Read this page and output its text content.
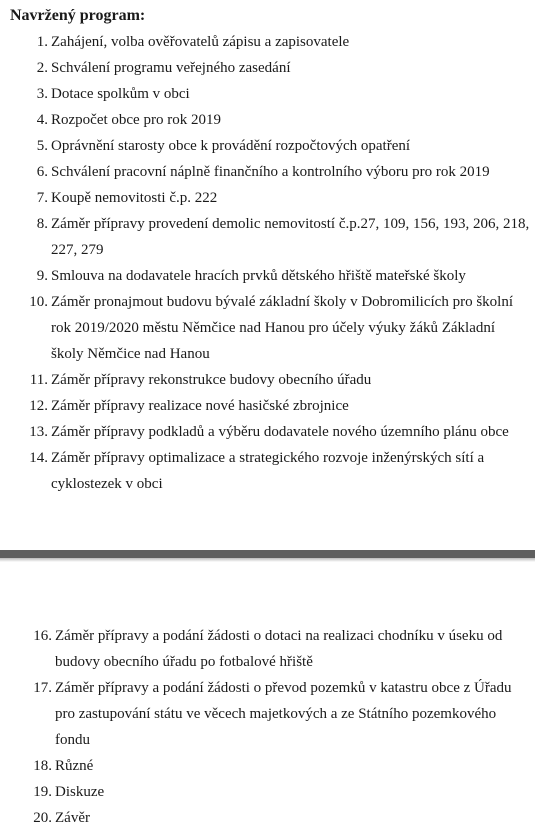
Navržený program:
1. Zahájení, volba ověřovatelů zápisu a zapisovatele
2. Schválení programu veřejného zasedání
3. Dotace spolkům v obci
4. Rozpočet obce pro rok 2019
5. Oprávnění starosty obce k provádění rozpočtových opatření
6. Schválení pracovní náplně finančního a kontrolního výboru pro rok 2019
7. Koupě nemovitosti č.p. 222
8. Záměr přípravy provedení demolic nemovitostí č.p.27, 109, 156, 193, 206, 218,
227, 279
9. Smlouva na dodavatele hracích prvků dětského hřiště mateřské školy
10. Záměr pronajmout budovu bývalé základní školy v Dobromilicích pro školní
rok 2019/2020 městu Němčice nad Hanou pro účely výuky žáků Základní
školy Němčice nad Hanou
11. Záměr přípravy rekonstrukce budovy obecního úřadu
12. Záměr přípravy realizace nové hasičské zbrojnice
13. Záměr přípravy podkladů a výběru dodavatele nového územního plánu obce
14. Záměr přípravy optimalizace a strategického rozvoje inženýrských sítí a
cyklostezek v obci
16. Záměr přípravy a podání žádosti o dotaci na realizaci chodníku v úseku od
budovy obecního úřadu po fotbalové hřiště
17. Záměr přípravy a podání žádosti o převod pozemků v katastru obce z Úřadu
pro zastupování státu ve věcech majetkových a ze Státního pozemkového
fondu
18. Různé
19. Diskuze
20. Závěr
